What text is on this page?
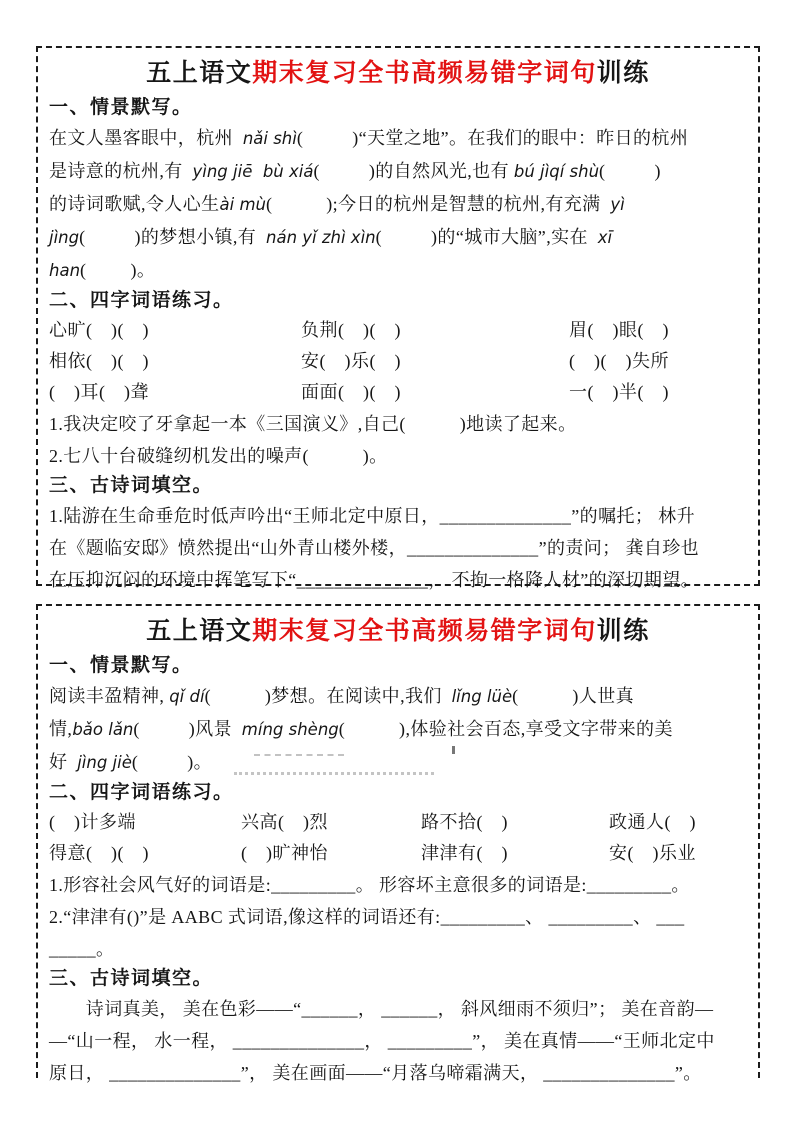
五上语文期末复习全书高频易错字词句训练
一、情景默写。
在文人墨客眼中，杭州  nǎi shì(          )“天堂之地”。在我们的眼中：昨日的杭州
是诗意的杭州,有  yìng jiē  bù xiá(          )的自然风光,也有 bú jìqí shù(          )
的诗词歌赋,令人心生ài mù(           );今日的杭州是智慧的杭州,有充满  yì
jìng(          )的梦想小镇,有  nán yǐ zhì xìn(          )的“城市大脑”,实在  xī
han(         )。
二、四字词语练习。
心旷(　)(　)	负荆(　)(　)	眉(　)眼(　)
相依(　)(　)	安(　)乐(　)	(　)(　)失所
(　)耳(　)聋	面面(　)(　)	一(　)半(　)
1.我决定咬了牙拿起一本《三国演义》,自己(           )地读了起来。
2.七八十台破缝纫机发出的噪声(           )。
三、古诗词填空。
1.陆游在生命垂危时低声吟出“王师北定中原日，______________”的嘱托； 林升
在《题临安邸》愤然提出“山外青山楼外楼，______________”的责问； 龚自珍也
在压抑沉闷的环境中挥笔写下“______________， 不拘一格降人材”的深切期望。
五上语文期末复习全书高频易错字词句训练
一、情景默写。
阅读丰盈精神, qǐ dí(           )梦想。在阅读中,我们  lǐng lüè(           )人世真
情,bǎo lǎn(          )风景  míng shèng(           ),体验社会百态,享受文字带来的美
好  jìng jiè(          )。
二、四字词语练习。
(　)计多端	兴高(　)烈	路不拾(　)	政通人(　)
得意(　)(　)	(　)旷神怡	津津有(　)	安(　)乐业
1.形容社会风气好的词语是:_________。 形容坏主意很多的词语是:_________。
2.“津津有()”是 AABC 式词语,像这样的词语还有:_________、 _________、 ___
_____。
三、古诗词填空。
　　诗词真美， 美在色彩——“______， ______， 斜风细雨不须归”； 美在音韵—
—“山一程， 水一程， ______________， _________”， 美在真情——“王师北定中
原日， ______________”， 美在画面——“月落乌啼霜满天， ______________”。
